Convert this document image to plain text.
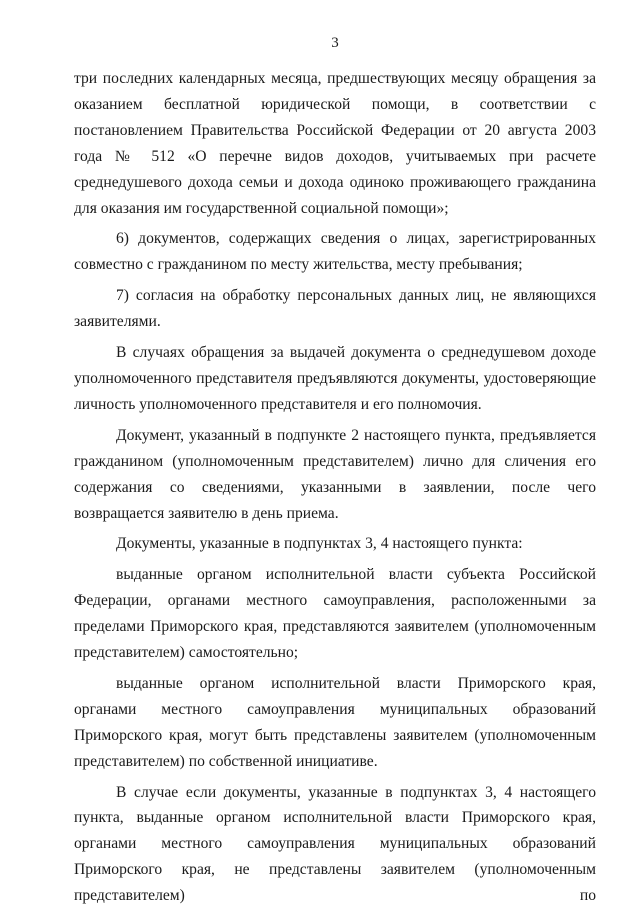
3

три последних календарных месяца, предшествующих месяцу обращения за оказанием бесплатной юридической помощи, в соответствии с постановлением Правительства Российской Федерации от 20 августа 2003 года № 512 «О перечне видов доходов, учитываемых при расчете среднедушевого дохода семьи и дохода одиноко проживающего гражданина для оказания им государственной социальной помощи»;

6) документов, содержащих сведения о лицах, зарегистрированных совместно с гражданином по месту жительства, месту пребывания;

7) согласия на обработку персональных данных лиц, не являющихся заявителями.

В случаях обращения за выдачей документа о среднедушевом доходе уполномоченного представителя предъявляются документы, удостоверяющие личность уполномоченного представителя и его полномочия.

Документ, указанный в подпункте 2 настоящего пункта, предъявляется гражданином (уполномоченным представителем) лично для сличения его содержания со сведениями, указанными в заявлении, после чего возвращается заявителю в день приема.

Документы, указанные в подпунктах 3, 4 настоящего пункта:

выданные органом исполнительной власти субъекта Российской Федерации, органами местного самоуправления, расположенными за пределами Приморского края, представляются заявителем (уполномоченным представителем) самостоятельно;

выданные органом исполнительной власти Приморского края, органами местного самоуправления муниципальных образований Приморского края, могут быть представлены заявителем (уполномоченным представителем) по собственной инициативе.

В случае если документы, указанные в подпунктах 3, 4 настоящего пункта, выданные органом исполнительной власти Приморского края, органами местного самоуправления муниципальных образований Приморского края, не представлены заявителем (уполномоченным представителем) по
